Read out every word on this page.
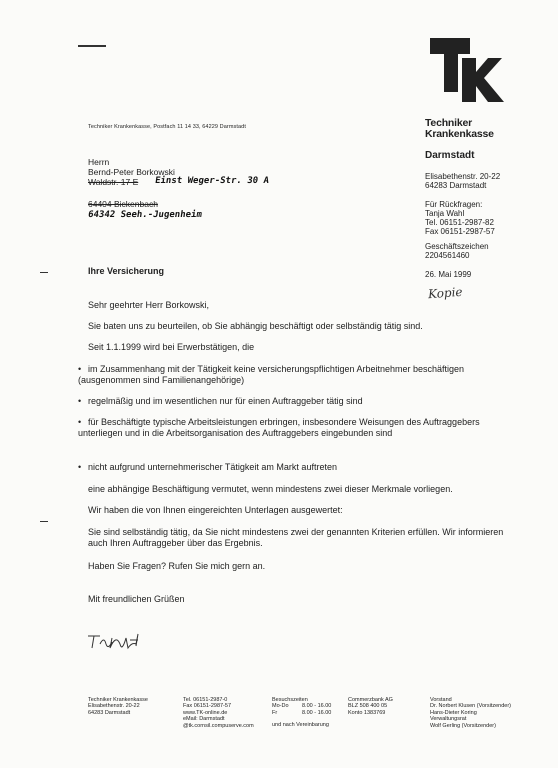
Techniker Krankenkasse, Postfach 11 14 33, 64229 Darmstadt	Techniker
Krankenkasse
Darmstadt
Elisabethenstr. 20-22
64283 Darmstadt
Für Rückfragen:
Tanja Wahl
Tel. 06151-2987-82
Fax 06151-2987-57
Geschäftszeichen
2204561460
26. Mai 1999
Kopie
Herrn
Bernd-Peter Borkowski
Waldstr. 17 E Einst Weger-Str. 30 A
64404 Bickenbach
64342 Seeh.-Jugenheim
Ihre Versicherung
Sehr geehrter Herr Borkowski,
Sie baten uns zu beurteilen, ob Sie abhängig beschäftigt oder selbständig tätig sind.
Seit 1.1.1999 wird bei Erwerbstätigen, die
• im Zusammenhang mit der Tätigkeit keine versicherungspflichtigen Arbeitnehmer beschäftigen (ausgenommen sind Familienangehörige)
• regelmäßig und im wesentlichen nur für einen Auftraggeber tätig sind
• für Beschäftigte typische Arbeitsleistungen erbringen, insbesondere Weisungen des Auftraggebers unterliegen und in die Arbeitsorganisation des Auftraggebers eingebunden sind
• nicht aufgrund unternehmerischer Tätigkeit am Markt auftreten
eine abhängige Beschäftigung vermutet, wenn mindestens zwei dieser Merkmale vorliegen.
Wir haben die von Ihnen eingereichten Unterlagen ausgewertet:
Sie sind selbständig tätig, da Sie nicht mindestens zwei der genannten Kriterien erfüllen. Wir informieren auch Ihren Auftraggeber über das Ergebnis.
Haben Sie Fragen? Rufen Sie mich gern an.
Mit freundlichen Grüßen
Techniker Krankenkasse
Elisabethenstr. 20-22
64283 Darmstadt
Tel. 06151-2987-0
Fax 06151-2987-57
www.TK-online.de
eMail: Darmstadt
@tk.cornsil.compuserve.com
Besuchszeiten
Mo-Do 8.00 - 16.00
Fr	8.00 - 16.00
und nach Vereinbarung
Commerzbank AG
BLZ 508 400 05
Konto 1383769
Vorstand
Dr. Norbert Klusen (Vorsitzender)
Hans-Dieter Koring
Verwaltungsrat
Wolf Gerling (Vorsitzender)
